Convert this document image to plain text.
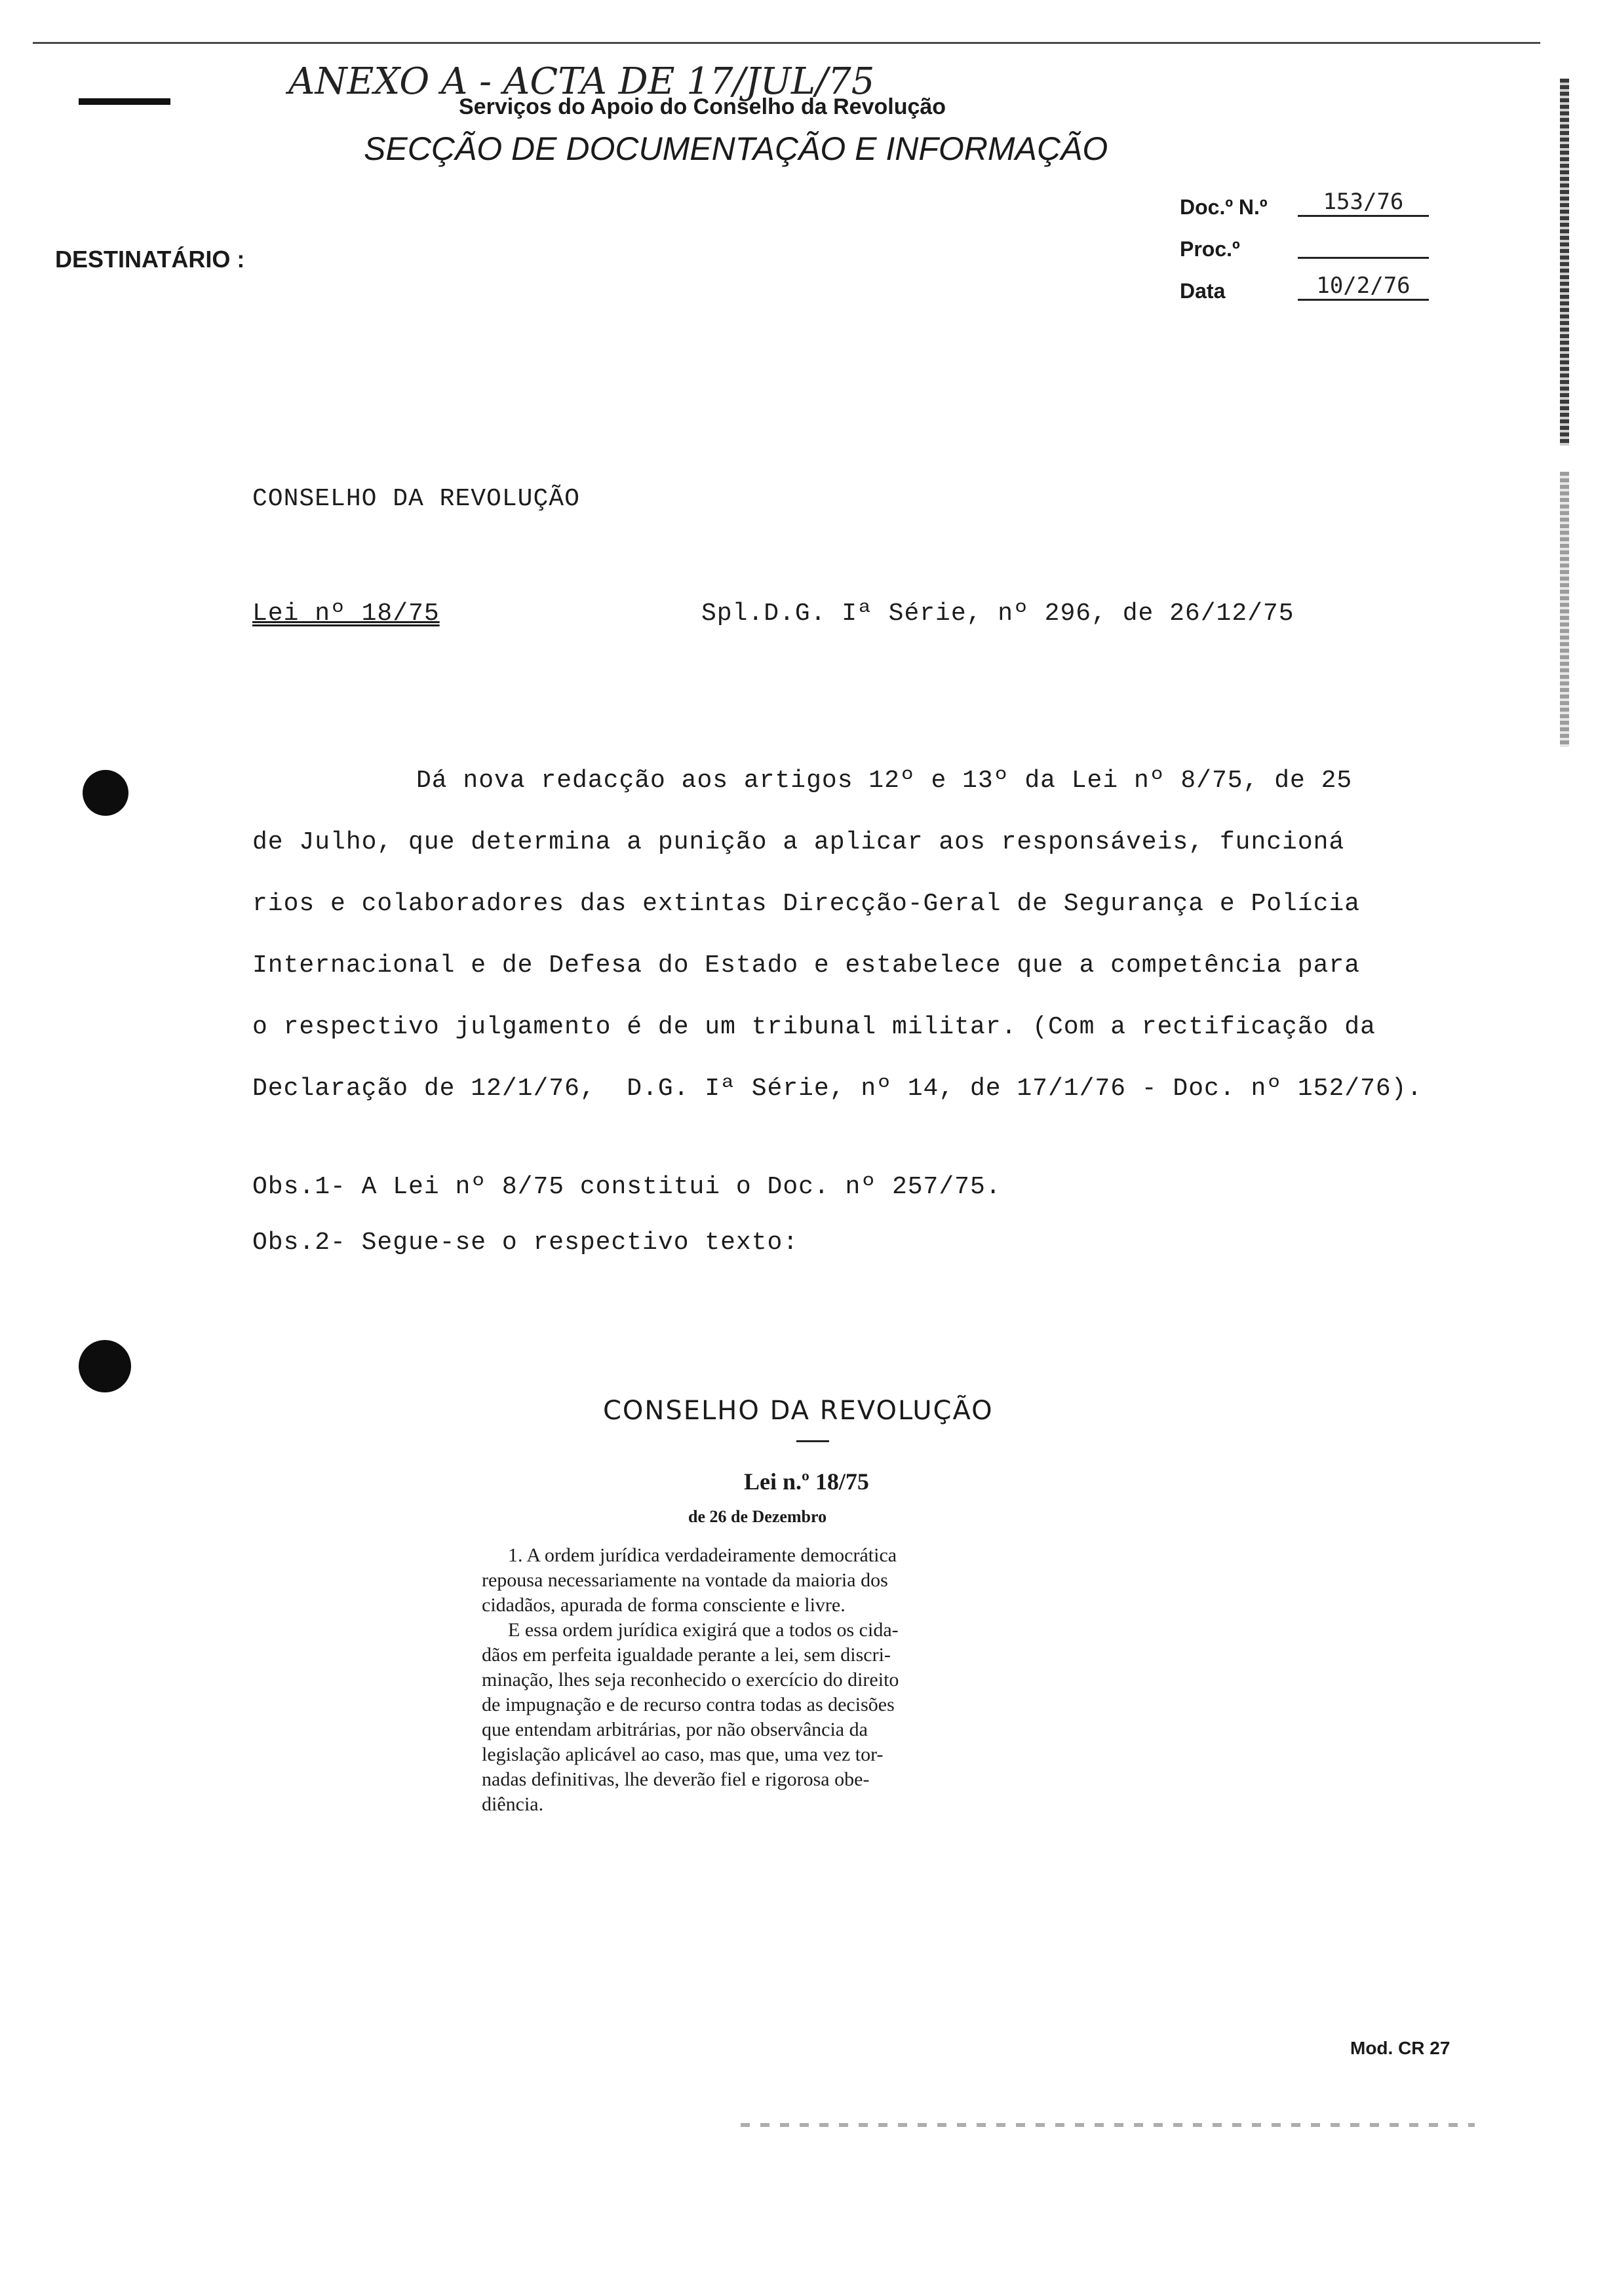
ANEXO A - ACTA DE 17/JUL/75
Serviços do Apoio do Conselho da Revolução
SECÇÃO DE DOCUMENTAÇÃO E INFORMAÇÃO
Doc.º N.º	153/76
Proc.º
Data	10/2/76
DESTINATÁRIO :
CONSELHO DA REVOLUÇÃO
Lei nº 18/75	Spl.D.G. Iª Série, nº 296, de 26/12/75
Dá nova redacção aos artigos 12º e 13º da Lei nº 8/75, de 25
de Julho, que determina a punição a aplicar aos responsáveis, funcioná
rios e colaboradores das extintas Direcção-Geral de Segurança e Polícia
Internacional e de Defesa do Estado e estabelece que a competência para
o respectivo julgamento é de um tribunal militar. (Com a rectificação da
Declaração de 12/1/76,  D.G. Iª Série, nº 14, de 17/1/76 - Doc. nº 152/76).
Obs.1- A Lei nº 8/75 constitui o Doc. nº 257/75.
Obs.2- Segue-se o respectivo texto:
CONSELHO DA REVOLUÇÃO
Lei n.º 18/75
de 26 de Dezembro
1. A ordem jurídica verdadeiramente democrática
repousa necessariamente na vontade da maioria dos
cidadãos, apurada de forma consciente e livre.
E essa ordem jurídica exigirá que a todos os cida-
dãos em perfeita igualdade perante a lei, sem discri-
minação, lhes seja reconhecido o exercício do direito
de impugnação e de recurso contra todas as decisões
que entendam arbitrárias, por não observância da
legislação aplicável ao caso, mas que, uma vez tor-
nadas definitivas, lhe deverão fiel e rigorosa obe-
diência.
Mod. CR 27
